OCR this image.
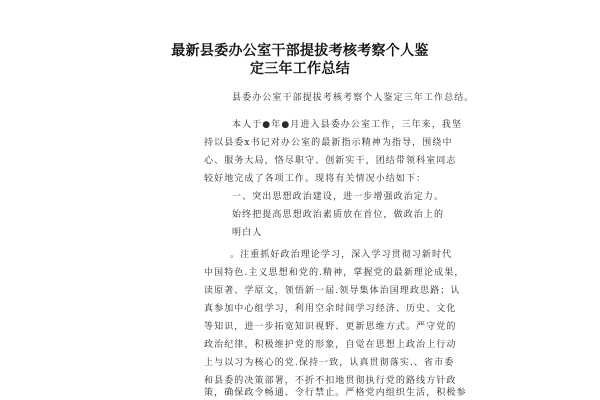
最新县委办公室干部提拔考核考察个人鉴
定三年工作总结
县委办公室干部提拔考核考察个人鉴定三年工作总结。
本人于●年●月进入县委办公室工作，三年来，我坚
持以县委x书记对办公室的最新指示精神为指导，围绕中
心、服务大局，恪尽职守、创新实干，团结带领科室同志
较好地完成了各项工作。现将有关情况小结如下：
一、突出思想政治建设，进一步增强政治定力。
始终把提高思想政治素质放在首位，做政治上的
明白人
。注重抓好政治理论学习，深入学习贯彻习新时代
中国特色.主义思想和党的.精神，掌握党的最新理论成果，
读原著、学原文，领悟新一届.领导集体治国理政思路；认
真参加中心组学习，利用空余时间学习经济、历史、文化
等知识，进一步拓宽知识视野、更新思维方式。严守党的
政治纪律，积极维护党的形象，自觉在思想上政治上行动
上与以习为核心的党.保持一致，认真贯彻落实.、省市委
和县委的决策部署，不折不扣地贯彻执行党的路线方针政
策，确保政令畅通、令行禁止。严格党内组织生活，积极参
